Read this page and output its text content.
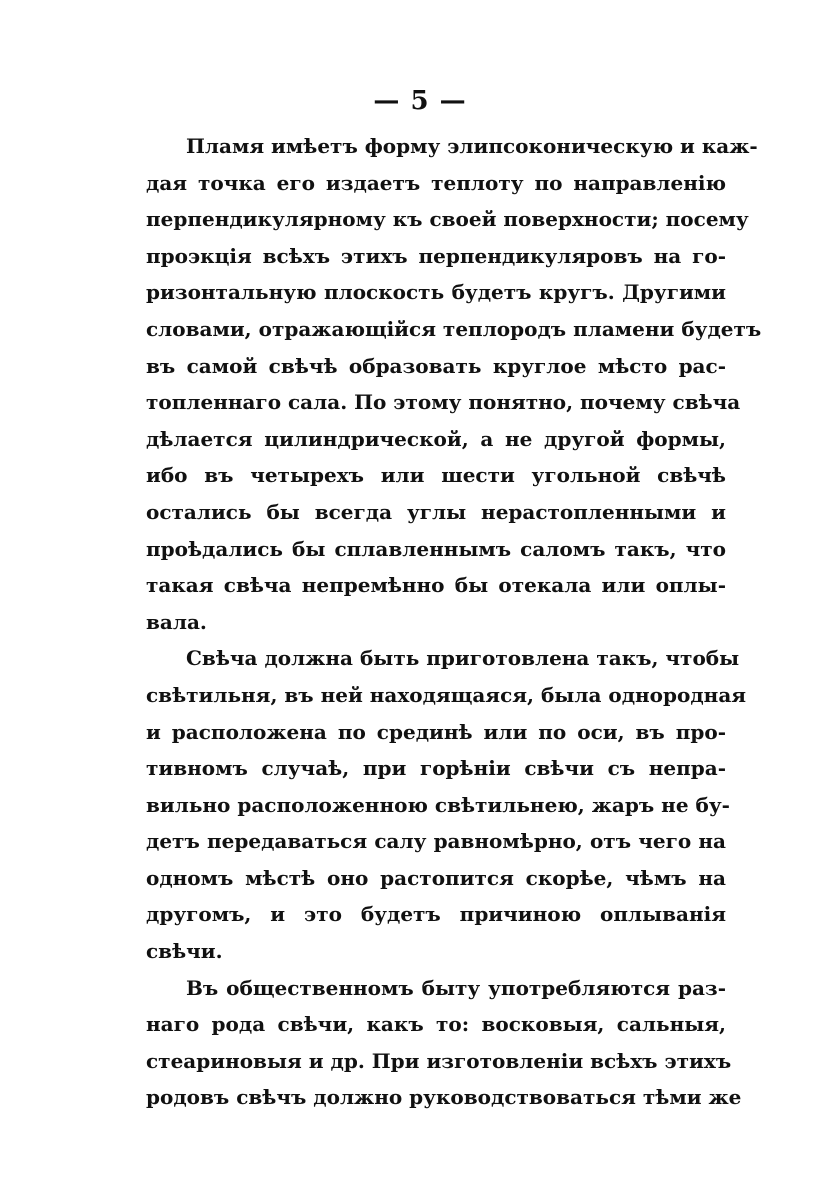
— 5 —
Пламя имѣетъ форму элипсоконическую и каж-
дая точка его издаетъ теплоту по направленію
перпендикулярному къ своей поверхности; посему
проэкція всѣхъ этихъ перпендикуляровъ на го-
ризонтальную плоскость будетъ кругъ. Другими
словами, отражающійся теплородъ пламени будетъ
въ самой свѣчѣ образовать круглое мѣсто рас-
топленнаго сала. По этому понятно, почему свѣча
дѣлается цилиндрической, а не другой формы,
ибо въ четырехъ или шести угольной свѣчѣ
остались бы всегда углы нерастопленными и
проѣдались бы сплавленнымъ саломъ такъ, что
такая свѣча непремѣнно бы отекала или оплы-
вала.
Свѣча должна быть приготовлена такъ, чтобы
свѣтильня, въ ней находящаяся, была однородная
и расположена по срединѣ или по оси, въ про-
тивномъ случаѣ, при горѣніи свѣчи съ непра-
вильно расположенною свѣтильнею, жаръ не бу-
детъ передаваться салу равномѣрно, отъ чего на
одномъ мѣстѣ оно растопится скорѣе, чѣмъ на
другомъ, и это будетъ причиною оплыванія
свѣчи.
Въ общественномъ быту употребляются раз-
наго рода свѣчи, какъ то: восковыя, сальныя,
стеариновыя и др. При изготовленіи всѣхъ этихъ
родовъ свѣчъ должно руководствоваться тѣми же
